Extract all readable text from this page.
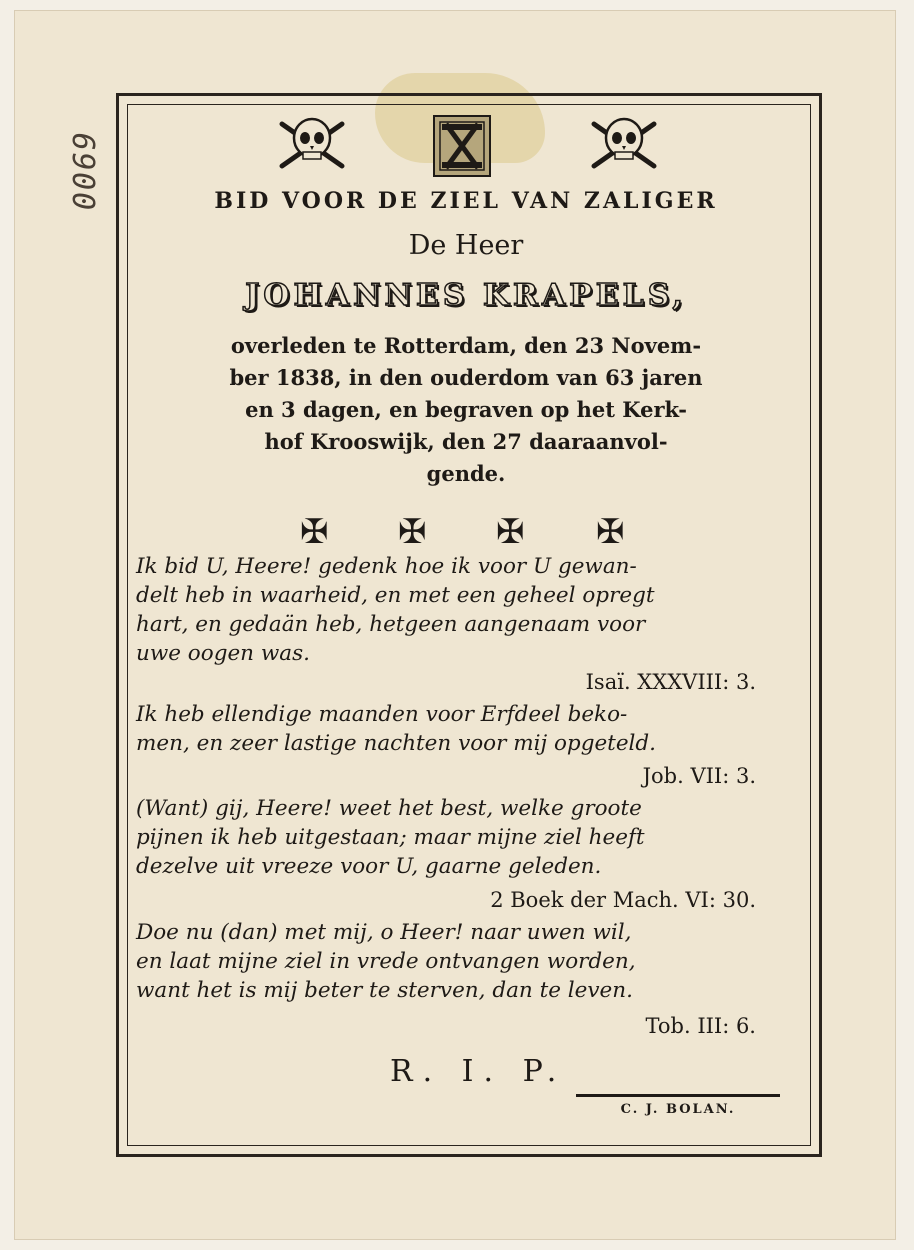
0069	BID VOOR DE ZIEL VAN ZALIGER
De Heer
JOHANNES KRAPELS,
overleden te Rotterdam, den 23 Novem-
ber 1838, in den ouderdom van 63 jaren
en 3 dagen, en begraven op het Kerk-
hof Krooswijk, den 27 daaraanvol-
gende.
✠ ✠ ✠ ✠
Ik bid U, Heere! gedenk hoe ik voor U gewan-
delt heb in waarheid, en met een geheel opregt
hart, en gedaän heb, hetgeen aangenaam voor
uwe oogen was.
Isaï. XXXVIII: 3.
Ik heb ellendige maanden voor Erfdeel beko-
men, en zeer lastige nachten voor mij opgeteld.
Job. VII: 3.
(Want) gij, Heere! weet het best, welke groote
pijnen ik heb uitgestaan; maar mijne ziel heeft
dezelve uit vreeze voor U, gaarne geleden.
2 Boek der Mach. VI: 30.
Doe nu (dan) met mij, o Heer! naar uwen wil,
en laat mijne ziel in vrede ontvangen worden,
want het is mij beter te sterven, dan te leven.
Tob. III: 6.
R. I. P.
C. J. BOLAN.
